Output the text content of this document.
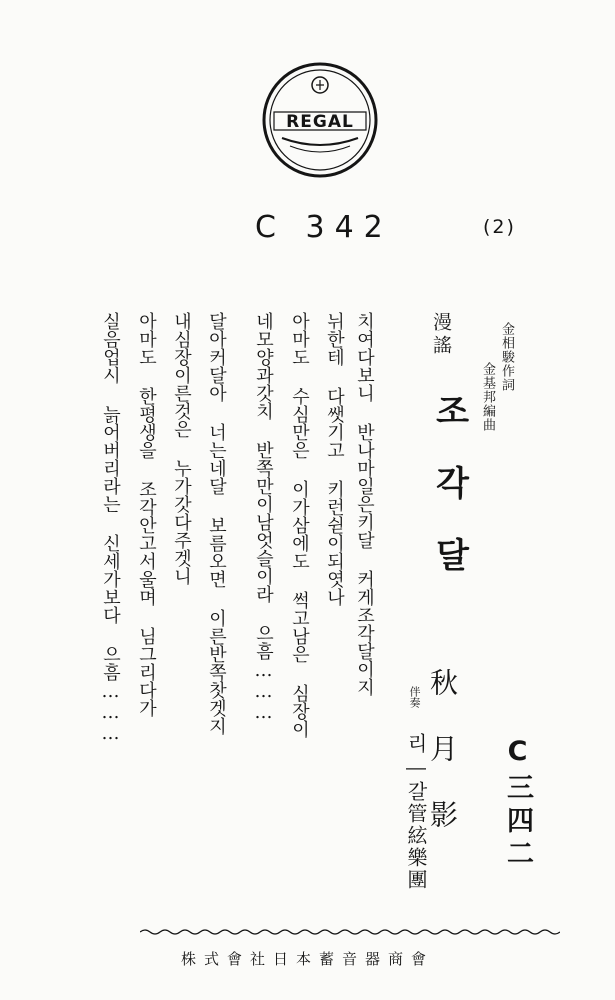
REGAL
C 342	(2)
漫謠
조각달
金相駿作詞
金基邦編曲
치여다보니 반나마일은키달 커게조각달이지
뉘한테 다쌧기고 키런쉳이되엿나
아마도 수심만은 이가삼에도 썩고남은 심장이
네모양과갓치 반쪽만이남엇슬이라 으흠………
달아커달아 너는네달 보름오면 이른반쪽찻겟지
내심장이른것은 누가갓다주겟니
아마도 한평생을 조각안고서울며 님그리다가
실음업시 늙어버리라는 신세가보다 으흠………
秋月影
伴奏
리―갈管絃樂團	C三四二
株式會社日本蓄音器商會
